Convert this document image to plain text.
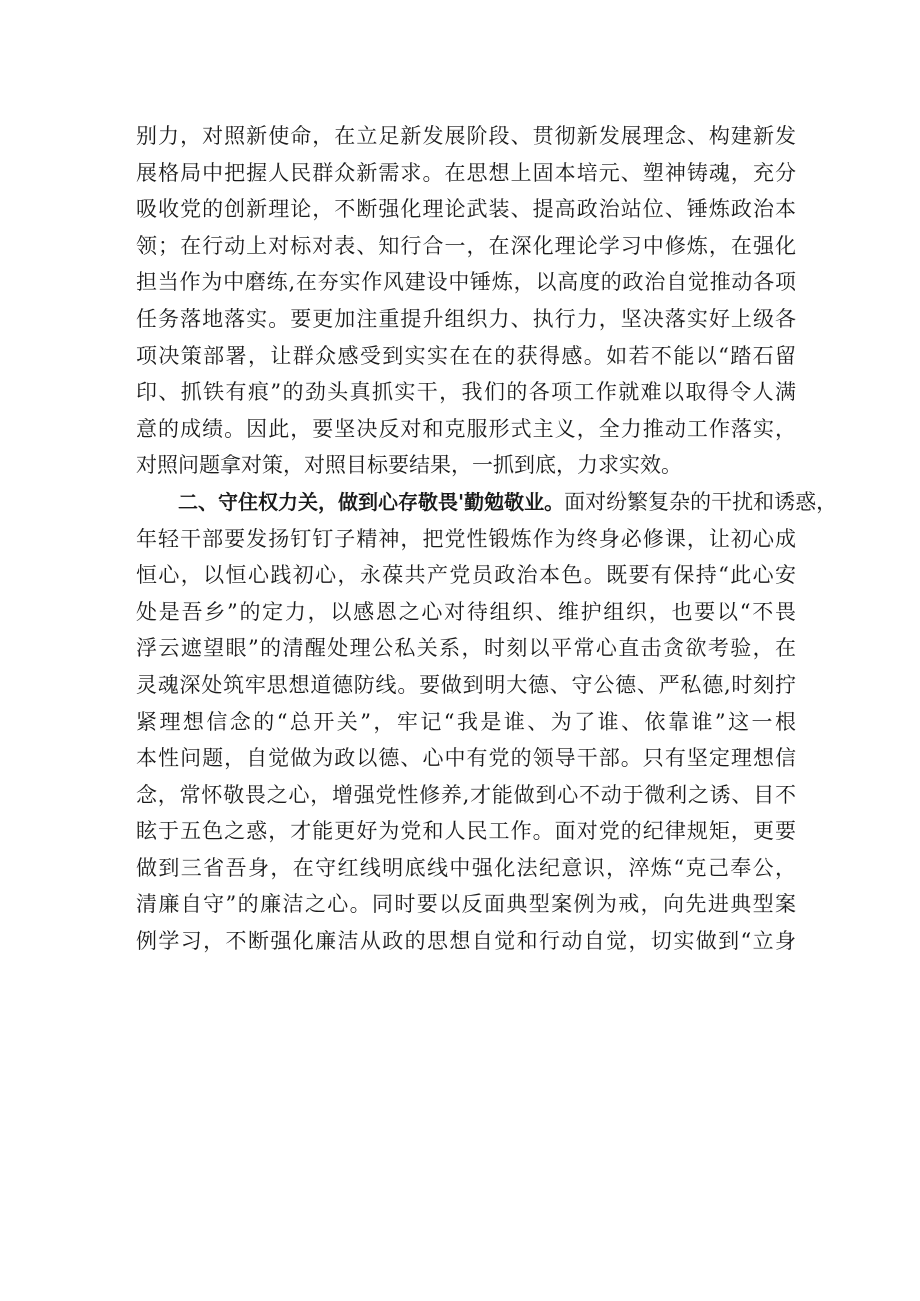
别力，对照新使命，在立足新发展阶段、贯彻新发展理念、构建新发
展格局中把握人民群众新需求。在思想上固本培元、塑神铸魂，充分
吸收党的创新理论，不断强化理论武装、提高政治站位、锤炼政治本
领；在行动上对标对表、知行合一，在深化理论学习中修炼，在强化
担当作为中磨练,在夯实作风建设中锤炼，以高度的政治自觉推动各项
任务落地落实。要更加注重提升组织力、执行力，坚决落实好上级各
项决策部署，让群众感受到实实在在的获得感。如若不能以“踏石留
印、抓铁有痕”的劲头真抓实干，我们的各项工作就难以取得令人满
意的成绩。因此，要坚决反对和克服形式主义，全力推动工作落实，
对照问题拿对策，对照目标要结果，一抓到底，力求实效。
二、守住权力关，做到心存敬畏'勤勉敬业。面对纷繁复杂的干扰和诱惑，
年轻干部要发扬钉钉子精神，把党性锻炼作为终身必修课，让初心成
恒心，以恒心践初心，永葆共产党员政治本色。既要有保持“此心安
处是吾乡”的定力，以感恩之心对待组织、维护组织，也要以“不畏
浮云遮望眼”的清醒处理公私关系，时刻以平常心直击贪欲考验，在
灵魂深处筑牢思想道德防线。要做到明大德、守公德、严私德,时刻拧
紧理想信念的“总开关”，牢记“我是谁、为了谁、依靠谁”这一根
本性问题，自觉做为政以德、心中有党的领导干部。只有坚定理想信
念，常怀敬畏之心，增强党性修养,才能做到心不动于微利之诱、目不
眩于五色之惑，才能更好为党和人民工作。面对党的纪律规矩，更要
做到三省吾身，在守红线明底线中强化法纪意识，淬炼“克己奉公，
清廉自守”的廉洁之心。同时要以反面典型案例为戒，向先进典型案
例学习，不断强化廉洁从政的思想自觉和行动自觉，切实做到“立身
